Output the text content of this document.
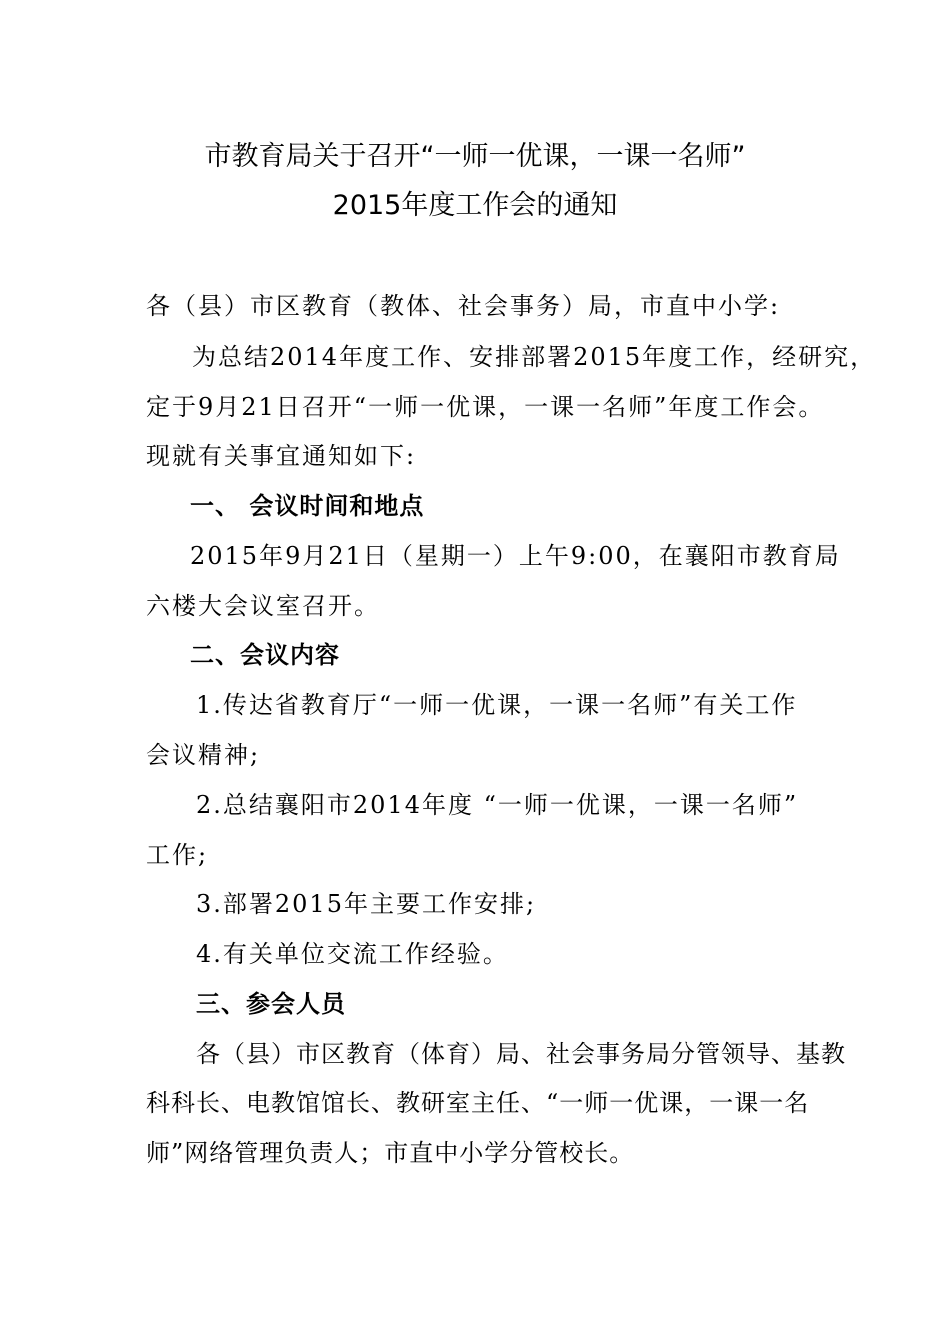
市教育局关于召开“一师一优课，一课一名师”
2015年度工作会的通知
各（县）市区教育（教体、社会事务）局，市直中小学:
为总结2014年度工作、安排部署2015年度工作，经研究，
定于9月21日召开“一师一优课，一课一名师”年度工作会。
现就有关事宜通知如下:
一、 会议时间和地点
2015年9月21日（星期一）上午9:00，在襄阳市教育局
六楼大会议室召开。
二、会议内容
1.传达省教育厅“一师一优课，一课一名师”有关工作
会议精神;
2.总结襄阳市2014年度 “一师一优课，一课一名师”
工作;
3.部署2015年主要工作安排;
4.有关单位交流工作经验。
三、参会人员
各（县）市区教育（体育）局、社会事务局分管领导、基教
科科长、电教馆馆长、教研室主任、“一师一优课，一课一名
师”网络管理负责人；市直中小学分管校长。
